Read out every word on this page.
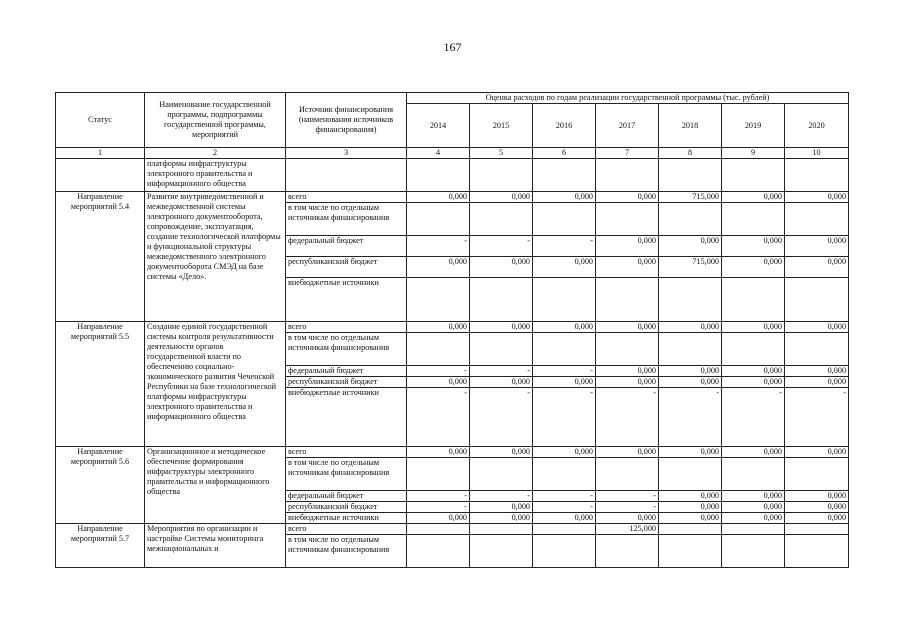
167
Статус	Наименование государственной программы, подпрограммы государственной программы, мероприятий	Источник финансирования (наименования источников финансирования)	Оценка расходов по годам реализации государственной программы (тыс. рублей)						
			2014	2015	2016	2017	2018	2019	2020
1	2	3	4	5	6	7	8	9	10
	платформы инфраструктуры электронного правительства и информационного общества								
Направление мероприятий 5.4	Развитие внутриведомственной и межведомственной системы электронного документооборота, сопровождение, эксплуатация, создание технологической платформы и функциональной структуры межведомственного электронного документооборота СМЭД на базе системы «Дело».	всего	0,000	0,000	0,000	0,000	715,000	0,000	0,000
		в том числе по отдельным источникам финансирования							
		федеральный бюджет	-	-	-	0,000	0,000	0,000	0,000
		республиканский бюджет	0,000	0,000	0,000	0,000	715,000	0,000	0,000
		внебюджетные источники							
Направление мероприятий 5.5	Создание единой государственной системы контроля результативности деятельности органов государственной власти по обеспечению социально-экономического развития Чеченской Республики на базе технологической платформы инфраструктуры электронного правительства и информационного общества	всего	0,000	0,000	0,000	0,000	0,000	0,000	0,000
		в том числе по отдельным источникам финансирования							
		федеральный бюджет	-	-	-	0,000	0,000	0,000	0,000
		республиканский бюджет	0,000	0,000	0,000	0,000	0,000	0,000	0,000
		внебюджетные источники	-	-	-	-	-	-	-
Направление мероприятий 5.6	Организационное и методическое обеспечение формирования инфраструктуры электронного правительства и информационного общества	всего	0,000	0,000	0,000	0,000	0,000	0,000	0,000
		в том числе по отдельным источникам финансирования							
		федеральный бюджет	-	-	-	-	0,000	0,000	0,000
		республиканский бюджет	-	0,000	-	-	0,000	0,000	0,000
		внебюджетные источники	0,000	0,000	0,000	0,000	0,000	0,000	0,000
Направление мероприятий 5.7	Мероприятия по организации и настройке Системы мониторинга межнациональных и	всего				125,000			
		в том числе по отдельным источникам финансирования							
